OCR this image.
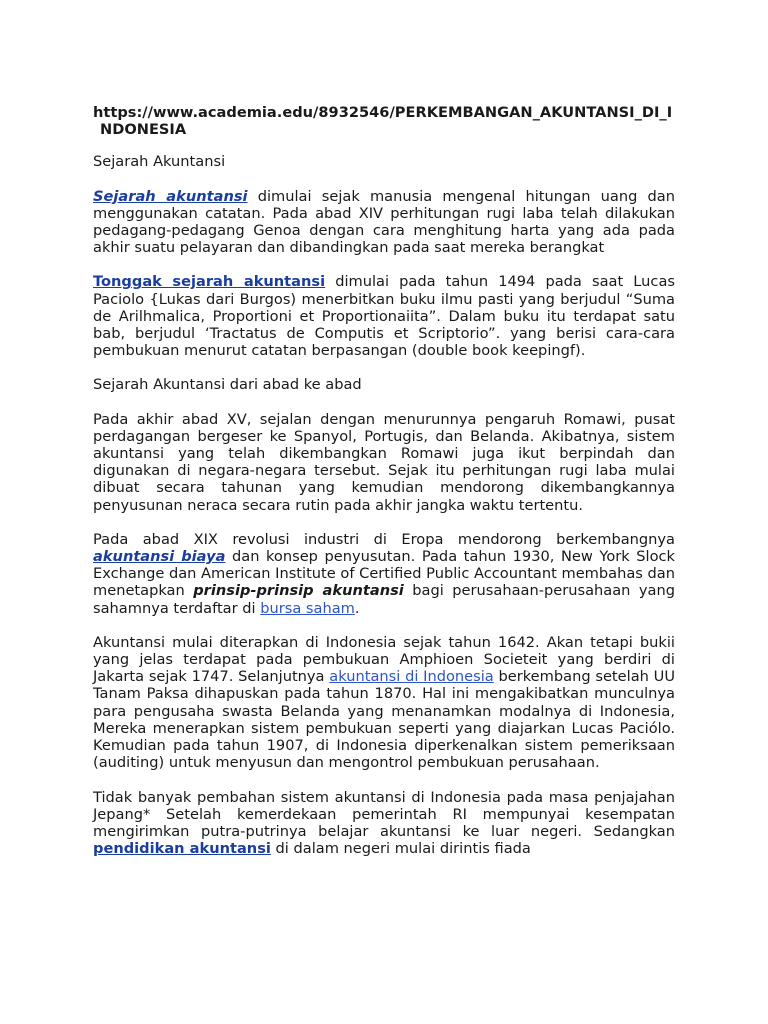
https://www.academia.edu/8932546/PERKEMBANGAN_AKUNTANSI_DI_INDONESIA
Sejarah Akuntansi

Sejarah akuntansi dimulai sejak manusia mengenal hitungan uang dan menggunakan catatan. Pada abad XIV perhitungan rugi laba telah dilakukan pedagang-pedagang Genoa dengan cara menghitung harta yang ada pada akhir suatu pelayaran dan dibandingkan pada saat mereka berangkat

Tonggak sejarah akuntansi dimulai pada tahun 1494 pada saat Lucas Paciolo {Lukas dari Burgos) menerbitkan buku ilmu pasti yang berjudul “Suma de Arilhmalica, Proportioni et Proportionaiita”. Dalam buku itu terdapat satu bab, berjudul ‘Tractatus de Computis et Scriptorio”. yang berisi cara-cara pembukuan menurut catatan berpasangan (double book keepingf).

Sejarah Akuntansi dari abad ke abad

Pada akhir abad XV, sejalan dengan menurunnya pengaruh Romawi, pusat perdagangan bergeser ke Spanyol, Portugis, dan Belanda. Akibatnya, sistem akuntansi yang telah dikembangkan Romawi juga ikut berpindah dan digunakan di negara-negara tersebut. Sejak itu perhitungan rugi laba mulai dibuat secara tahunan yang kemudian mendorong dikembangkannya penyusunan neraca secara rutin pada akhir jangka waktu tertentu.

Pada abad XIX revolusi industri di Eropa mendorong berkembangnya akuntansi biaya dan konsep penyusutan. Pada tahun 1930, New York Slock Exchange dan American Institute of Certified Public Accountant membahas dan menetapkan prinsip-prinsip akuntansi bagi perusahaan-perusahaan yang sahamnya terdaftar di bursa saham.

Akuntansi mulai diterapkan di Indonesia sejak tahun 1642. Akan tetapi bukii yang jelas terdapat pada pembukuan Amphioen Societeit yang berdiri di Jakarta sejak 1747. Selanjutnya akuntansi di Indonesia berkembang setelah UU Tanam Paksa dihapuskan pada tahun 1870. Hal ini mengakibatkan munculnya para pengusaha swasta Belanda yang menanamkan modalnya di Indonesia, Mereka menerapkan sistem pembukuan seperti yang diajarkan Lucas Paciólo. Kemudian pada tahun 1907, di Indonesia diperkenalkan sistem pemeriksaan (auditing) untuk menyusun dan mengontrol pembukuan perusahaan.

Tidak banyak pembahan sistem akuntansi di Indonesia pada masa penjajahan Jepang* Setelah kemerdekaan pemerintah RI mempunyai kesempatan mengirimkan putra-putrinya belajar akuntansi ke luar negeri. Sedangkan pendidikan akuntansi di dalam negeri mulai dirintis fiada
